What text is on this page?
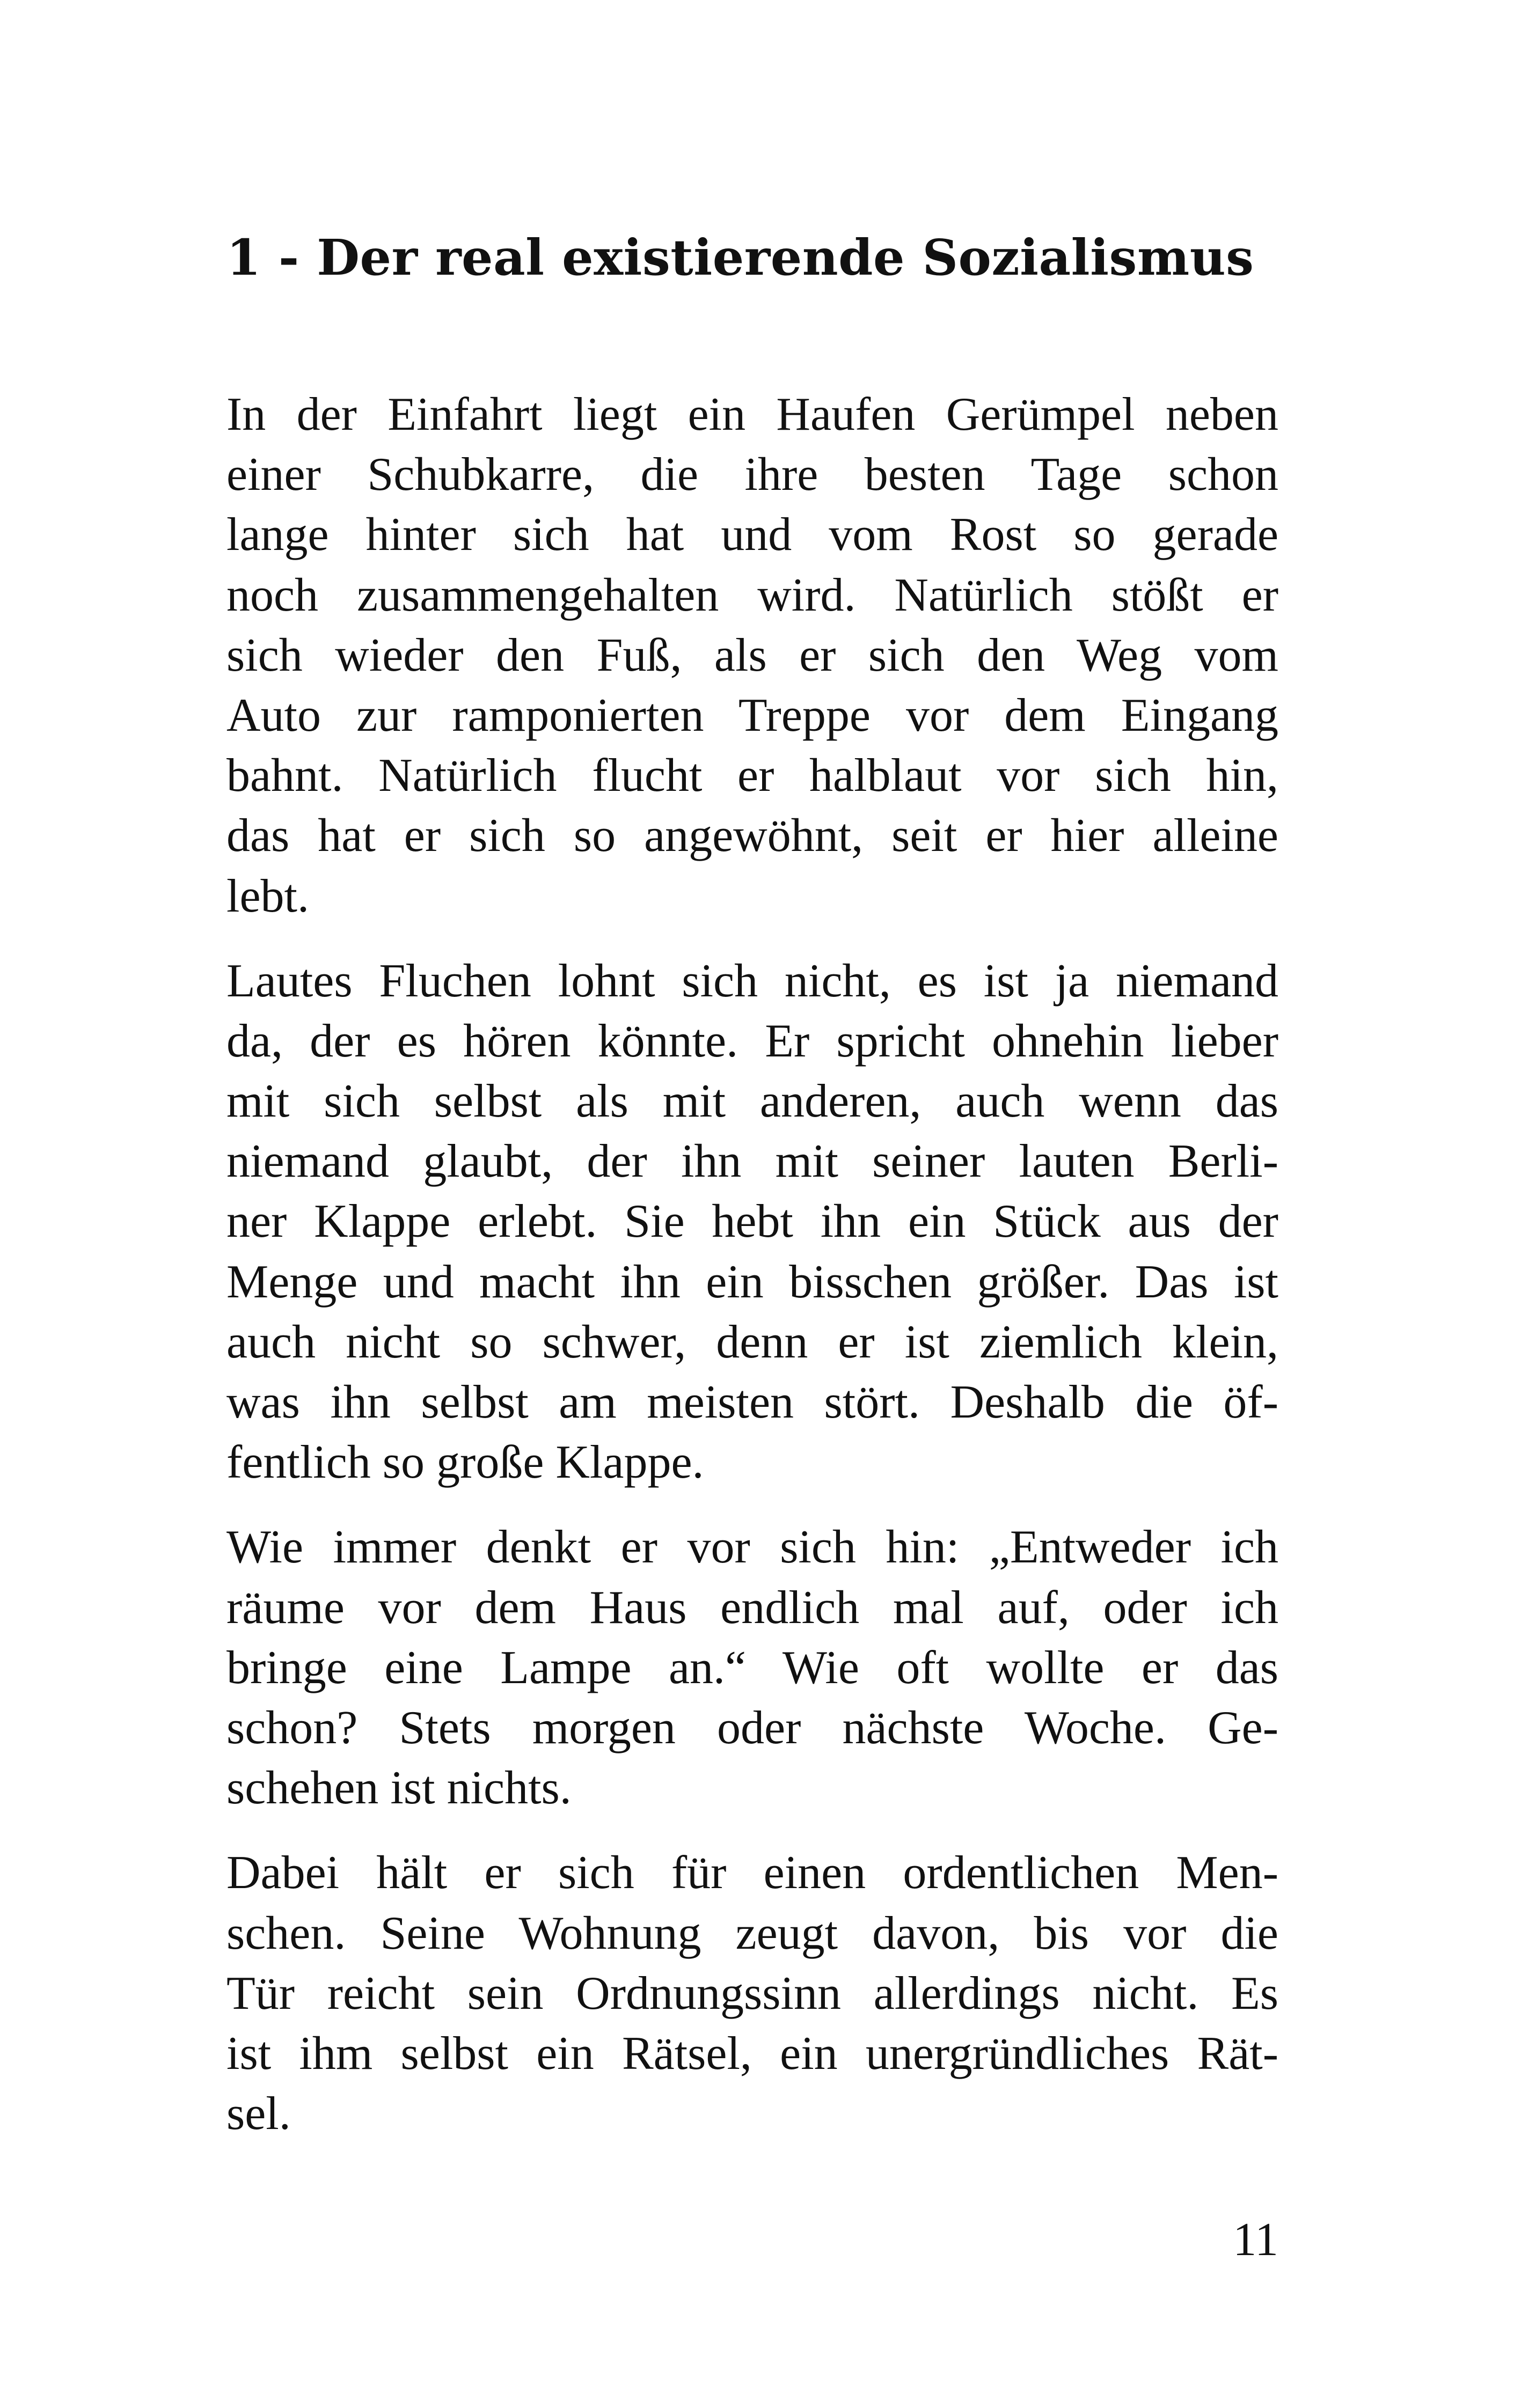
1 - Der real existierende Sozialismus

In der Einfahrt liegt ein Haufen Gerümpel neben
einer Schubkarre, die ihre besten Tage schon
lange hinter sich hat und vom Rost so gerade
noch zusammengehalten wird. Natürlich stößt er
sich wieder den Fuß, als er sich den Weg vom
Auto zur ramponierten Treppe vor dem Eingang
bahnt. Natürlich flucht er halblaut vor sich hin,
das hat er sich so angewöhnt, seit er hier alleine
lebt.

Lautes Fluchen lohnt sich nicht, es ist ja niemand
da, der es hören könnte. Er spricht ohnehin lieber
mit sich selbst als mit anderen, auch wenn das
niemand glaubt, der ihn mit seiner lauten Berli-
ner Klappe erlebt. Sie hebt ihn ein Stück aus der
Menge und macht ihn ein bisschen größer. Das ist
auch nicht so schwer, denn er ist ziemlich klein,
was ihn selbst am meisten stört. Deshalb die öf-
fentlich so große Klappe.

Wie immer denkt er vor sich hin: „Entweder ich
räume vor dem Haus endlich mal auf, oder ich
bringe eine Lampe an.“ Wie oft wollte er das
schon? Stets morgen oder nächste Woche. Ge-
schehen ist nichts.

Dabei hält er sich für einen ordentlichen Men-
schen. Seine Wohnung zeugt davon, bis vor die
Tür reicht sein Ordnungssinn allerdings nicht. Es
ist ihm selbst ein Rätsel, ein unergründliches Rät-
sel.

11
